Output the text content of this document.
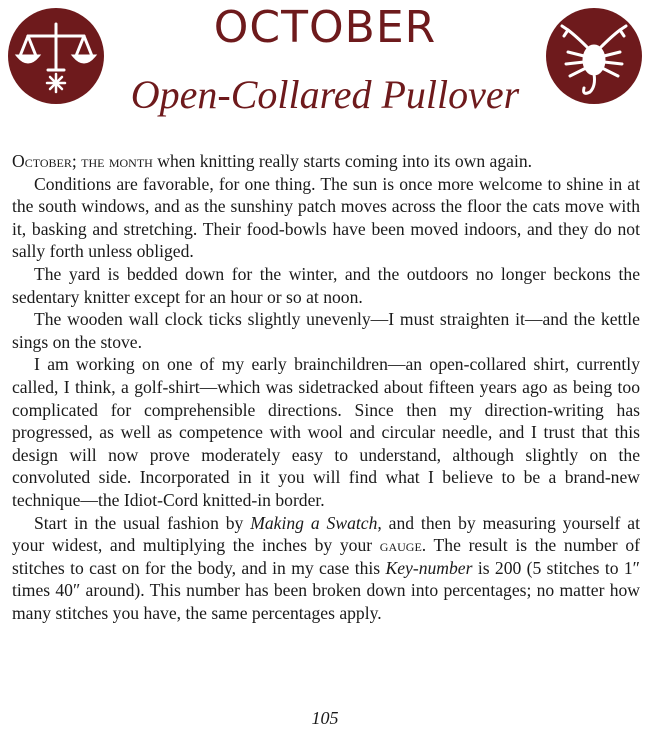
OCTOBER
Open-Collared Pullover

October; the month when knitting really starts coming into its own again.

Conditions are favorable, for one thing. The sun is once more welcome to shine in at the south windows, and as the sunshiny patch moves across the floor the cats move with it, basking and stretching. Their food-bowls have been moved indoors, and they do not sally forth unless obliged.

The yard is bedded down for the winter, and the outdoors no longer beckons the sedentary knitter except for an hour or so at noon.

The wooden wall clock ticks slightly unevenly—I must straighten it—and the kettle sings on the stove.

I am working on one of my early brainchildren—an open-collared shirt, currently called, I think, a golf-shirt—which was sidetracked about fifteen years ago as being too complicated for comprehensible directions. Since then my direction-writing has progressed, as well as competence with wool and circular needle, and I trust that this design will now prove moderately easy to understand, although slightly on the convoluted side. Incorporated in it you will find what I believe to be a brand-new technique—the Idiot-Cord knitted-in border.

Start in the usual fashion by Making a Swatch, and then by measuring yourself at your widest, and multiplying the inches by your gauge. The result is the number of stitches to cast on for the body, and in my case this Key-number is 200 (5 stitches to 1″ times 40″ around). This number has been broken down into percentages; no matter how many stitches you have, the same percentages apply.

105
